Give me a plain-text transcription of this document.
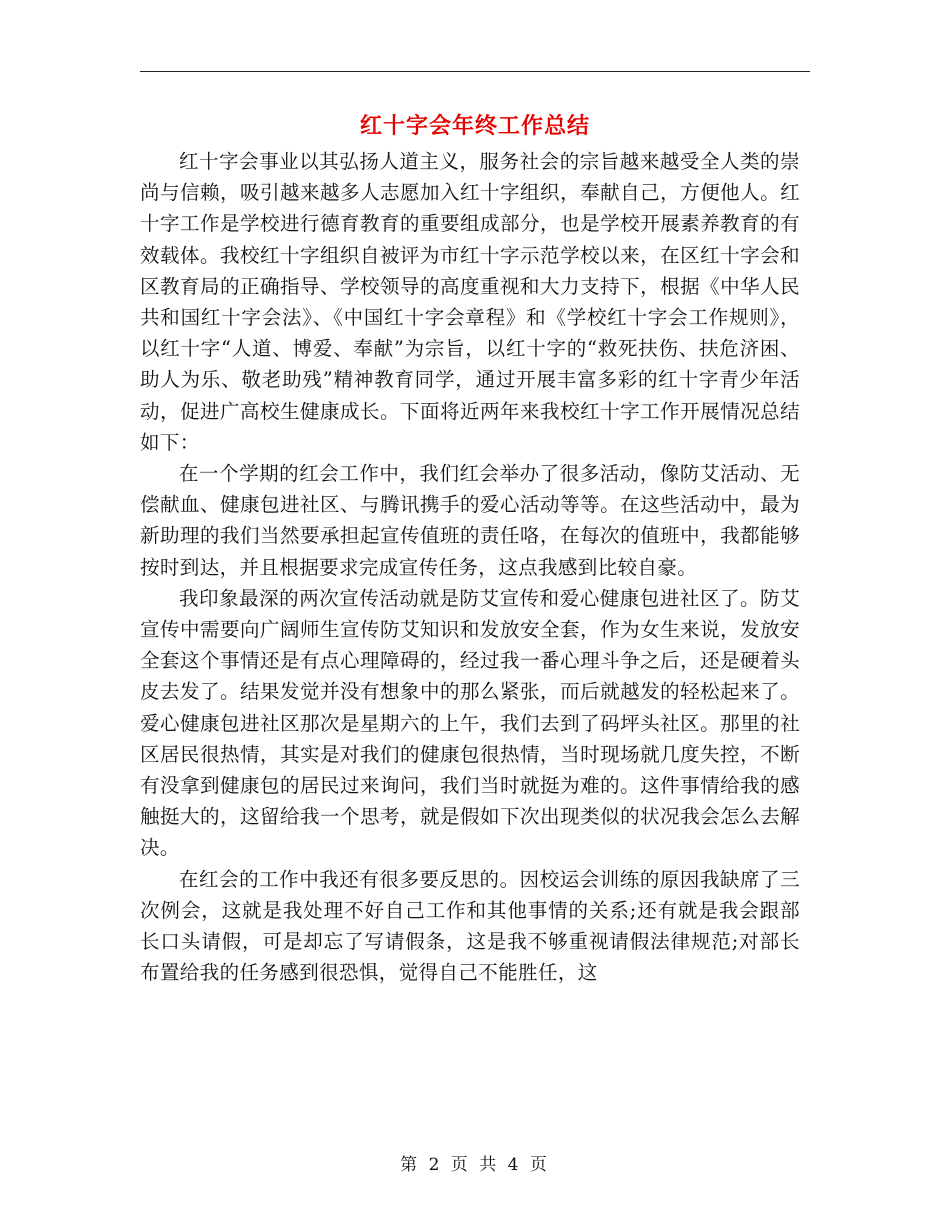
红十字会年终工作总结

红十字会事业以其弘扬人道主义，服务社会的宗旨越来越受全人类的崇尚与信赖，吸引越来越多人志愿加入红十字组织，奉献自己，方便他人。红十字工作是学校进行德育教育的重要组成部分，也是学校开展素养教育的有效载体。我校红十字组织自被评为市红十字示范学校以来，在区红十字会和区教育局的正确指导、学校领导的高度重视和大力支持下，根据《中华人民共和国红十字会法》、《中国红十字会章程》和《学校红十字会工作规则》，以红十字“人道、博爱、奉献”为宗旨，以红十字的“救死扶伤、扶危济困、助人为乐、敬老助残”精神教育同学，通过开展丰富多彩的红十字青少年活动，促进广高校生健康成长。下面将近两年来我校红十字工作开展情况总结如下：

在一个学期的红会工作中，我们红会举办了很多活动，像防艾活动、无偿献血、健康包进社区、与腾讯携手的爱心活动等等。在这些活动中，最为新助理的我们当然要承担起宣传值班的责任咯，在每次的值班中，我都能够按时到达，并且根据要求完成宣传任务，这点我感到比较自豪。

我印象最深的两次宣传活动就是防艾宣传和爱心健康包进社区了。防艾宣传中需要向广阔师生宣传防艾知识和发放安全套，作为女生来说，发放安全套这个事情还是有点心理障碍的，经过我一番心理斗争之后，还是硬着头皮去发了。结果发觉并没有想象中的那么紧张，而后就越发的轻松起来了。爱心健康包进社区那次是星期六的上午，我们去到了码坪头社区。那里的社区居民很热情，其实是对我们的健康包很热情，当时现场就几度失控，不断有没拿到健康包的居民过来询问，我们当时就挺为难的。这件事情给我的感触挺大的，这留给我一个思考，就是假如下次出现类似的状况我会怎么去解决。

在红会的工作中我还有很多要反思的。因校运会训练的原因我缺席了三次例会，这就是我处理不好自己工作和其他事情的关系;还有就是我会跟部长口头请假，可是却忘了写请假条，这是我不够重视请假法律规范;对部长布置给我的任务感到很恐惧，觉得自己不能胜任，这

第 2 页 共 4 页
